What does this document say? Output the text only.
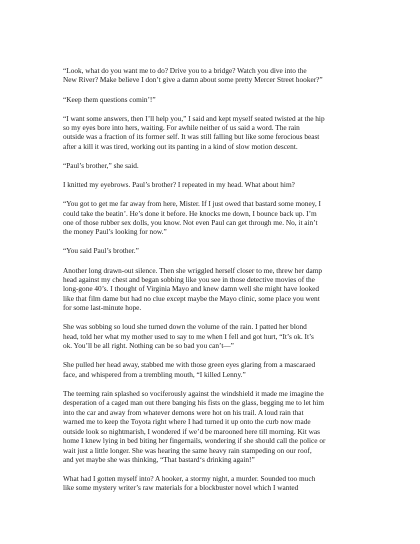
“Look, what do you want me to do? Drive you to a bridge? Watch you dive into the
New River? Make believe I don’t give a damn about some pretty Mercer Street hooker?”

“Keep them questions comin’!”

“I want some answers, then I’ll help you,” I said and kept myself seated twisted at the hip
so my eyes bore into hers, waiting. For awhile neither of us said a word. The rain
outside was a fraction of its former self. It was still falling but like some ferocious beast
after a kill it was tired, working out its panting in a kind of slow motion descent.

“Paul’s brother,” she said.

I knitted my eyebrows. Paul’s brother? I repeated in my head. What about him?

“You got to get me far away from here, Mister. If I just owed that bastard some money, I
could take the beatin’. He’s done it before. He knocks me down, I bounce back up. I’m
one of those rubber sex dolls, you know. Not even Paul can get through me. No, it ain’t
the money Paul’s looking for now.”

“You said Paul’s brother.”

Another long drawn-out silence. Then she wriggled herself closer to me, threw her damp
head against my chest and began sobbing like you see in those detective movies of the
long-gone 40’s. I thought of Virginia Mayo and knew damn well she might have looked
like that film dame but had no clue except maybe the Mayo clinic, some place you went
for some last-minute hope.

She was sobbing so loud she turned down the volume of the rain. I patted her blond
head, told her what my mother used to say to me when I fell and got hurt, “It’s ok. It’s
ok. You’ll be all right. Nothing can be so bad you can’t—”

She pulled her head away, stabbed me with those green eyes glaring from a mascaraed
face, and whispered from a trembling mouth, “I killed Lenny.”

The teeming rain splashed so vociferously against the windshield it made me imagine the
desperation of a caged man out there banging his fists on the glass, begging me to let him
into the car and away from whatever demons were hot on his trail. A loud rain that
warned me to keep the Toyota right where I had turned it up onto the curb now made
outside look so nightmarish, I wondered if we’d be marooned here till morning. Kit was
home I knew lying in bed biting her fingernails, wondering if she should call the police or
wait just a little longer. She was hearing the same heavy rain stampeding on our roof,
and yet maybe she was thinking, “That bastard‘s drinking again!”

What had I gotten myself into? A hooker, a stormy night, a murder. Sounded too much
like some mystery writer’s raw materials for a blockbuster novel which I wanted
